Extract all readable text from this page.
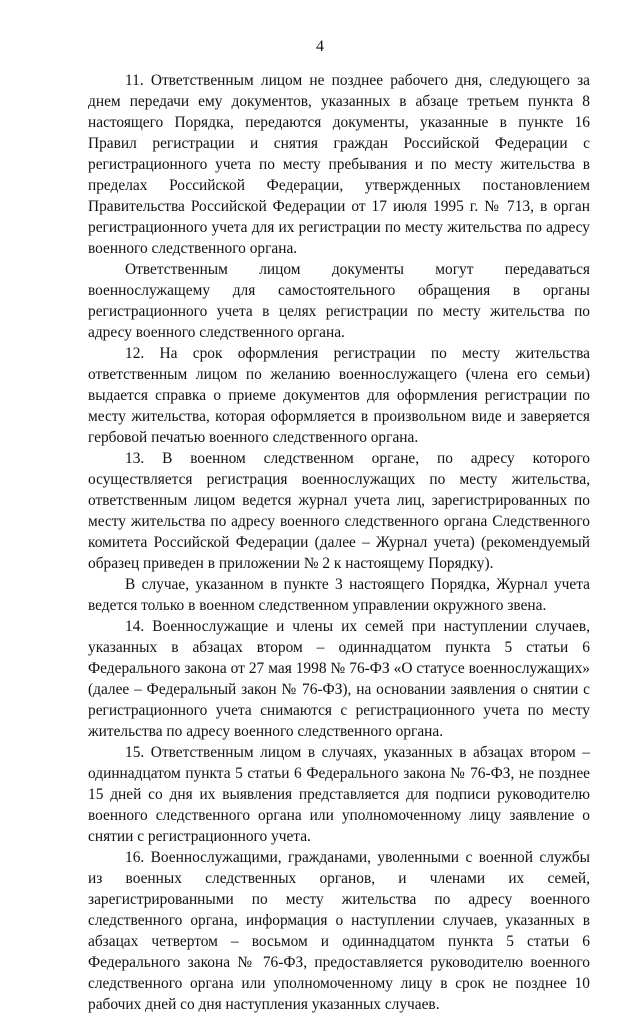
4

11. Ответственным лицом не позднее рабочего дня, следующего за днем передачи ему документов, указанных в абзаце третьем пункта 8 настоящего Порядка, передаются документы, указанные в пункте 16 Правил регистрации и снятия граждан Российской Федерации с регистрационного учета по месту пребывания и по месту жительства в пределах Российской Федерации, утвержденных постановлением Правительства Российской Федерации от 17 июля 1995 г. № 713, в орган регистрационного учета для их регистрации по месту жительства по адресу военного следственного органа.

Ответственным лицом документы могут передаваться военнослужащему для самостоятельного обращения в органы регистрационного учета в целях регистрации по месту жительства по адресу военного следственного органа.

12. На срок оформления регистрации по месту жительства ответственным лицом по желанию военнослужащего (члена его семьи) выдается справка о приеме документов для оформления регистрации по месту жительства, которая оформляется в произвольном виде и заверяется гербовой печатью военного следственного органа.

13. В военном следственном органе, по адресу которого осуществляется регистрация военнослужащих по месту жительства, ответственным лицом ведется журнал учета лиц, зарегистрированных по месту жительства по адресу военного следственного органа Следственного комитета Российской Федерации (далее – Журнал учета) (рекомендуемый образец приведен в приложении № 2 к настоящему Порядку).

В случае, указанном в пункте 3 настоящего Порядка, Журнал учета ведется только в военном следственном управлении окружного звена.

14. Военнослужащие и члены их семей при наступлении случаев, указанных в абзацах втором – одиннадцатом пункта 5 статьи 6 Федерального закона от 27 мая 1998 № 76-ФЗ «О статусе военнослужащих» (далее – Федеральный закон № 76-ФЗ), на основании заявления о снятии с регистрационного учета снимаются с регистрационного учета по месту жительства по адресу военного следственного органа.

15. Ответственным лицом в случаях, указанных в абзацах втором – одиннадцатом пункта 5 статьи 6 Федерального закона № 76-ФЗ, не позднее 15 дней со дня их выявления представляется для подписи руководителю военного следственного органа или уполномоченному лицу заявление о снятии с регистрационного учета.

16. Военнослужащими, гражданами, уволенными с военной службы из военных следственных органов, и членами их семей, зарегистрированными по месту жительства по адресу военного следственного органа, информация о наступлении случаев, указанных в абзацах четвертом – восьмом и одиннадцатом пункта 5 статьи 6 Федерального закона № 76-ФЗ, предоставляется руководителю военного следственного органа или уполномоченному лицу в срок не позднее 10 рабочих дней со дня наступления указанных случаев.
